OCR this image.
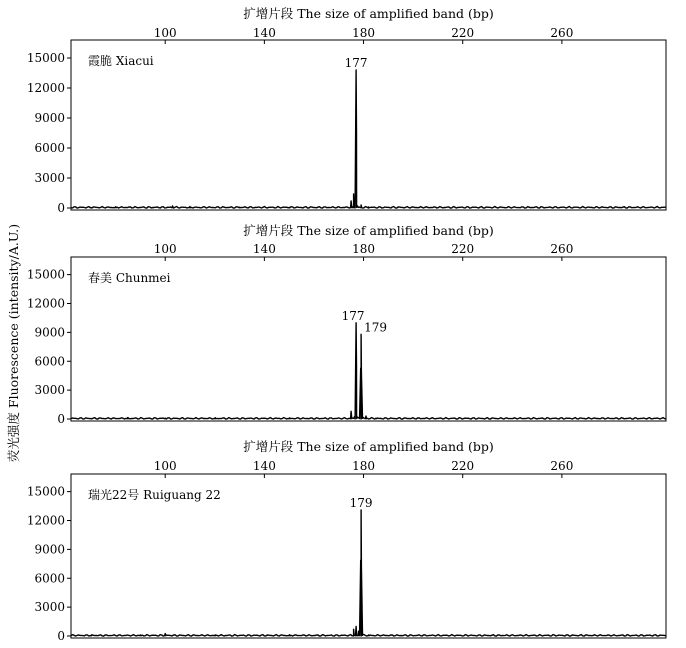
荧光强度 Fluorescence (intensity/A.U.)
扩增片段 The size of amplified band (bp)
100	140	180	220	260
0
3000
6000
9000
12000
15000 霞脆 Xiacui	177
扩增片段 The size of amplified band (bp)
100	140	180	220	260
0
3000
6000
9000
12000
15000 春美 Chunmei
177
179
扩增片段 The size of amplified band (bp)
100	140	180	220	260
0
3000
6000
9000
12000
15000 瑞光22号 Ruiguang 22
179
